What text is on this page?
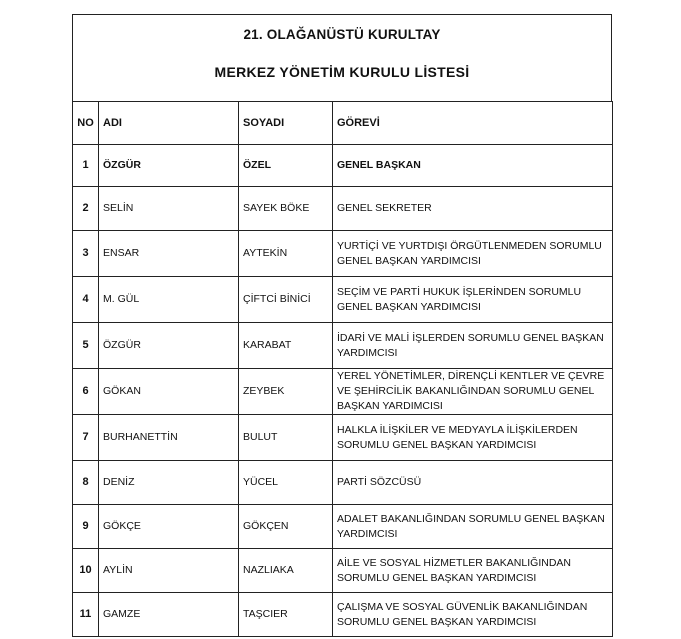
21. OLAĞANÜSTÜ KURULTAY
MERKEZ YÖNETİM KURULU LİSTESİ
NO	ADI	SOYADI	GÖREVİ
1	ÖZGÜR	ÖZEL	GENEL BAŞKAN
2	SELİN	SAYEK BÖKE	GENEL SEKRETER
3	ENSAR	AYTEKİN	YURTİÇİ VE YURTDIŞI ÖRGÜTLENMEDEN SORUMLU GENEL BAŞKAN YARDIMCISI
4	M. GÜL	ÇİFTCİ BİNİCİ	SEÇİM VE PARTİ HUKUK İŞLERİNDEN SORUMLU GENEL BAŞKAN YARDIMCISI
5	ÖZGÜR	KARABAT	İDARİ VE MALİ İŞLERDEN SORUMLU GENEL BAŞKAN YARDIMCISI
6	GÖKAN	ZEYBEK	YEREL YÖNETİMLER, DİRENÇLİ KENTLER VE ÇEVRE VE ŞEHİRCİLİK BAKANLIĞINDAN SORUMLU GENEL BAŞKAN YARDIMCISI
7	BURHANETTİN	BULUT	HALKLA İLİŞKİLER VE MEDYAYLA İLİŞKİLERDEN SORUMLU GENEL BAŞKAN YARDIMCISI
8	DENİZ	YÜCEL	PARTİ SÖZCÜSÜ
9	GÖKÇE	GÖKÇEN	ADALET BAKANLIĞINDAN SORUMLU GENEL BAŞKAN YARDIMCISI
10	AYLİN	NAZLIAKA	AİLE VE SOSYAL HİZMETLER BAKANLIĞINDAN SORUMLU GENEL BAŞKAN YARDIMCISI
11	GAMZE	TAŞCIER	ÇALIŞMA VE SOSYAL GÜVENLİK BAKANLIĞINDAN SORUMLU GENEL BAŞKAN YARDIMCISI
